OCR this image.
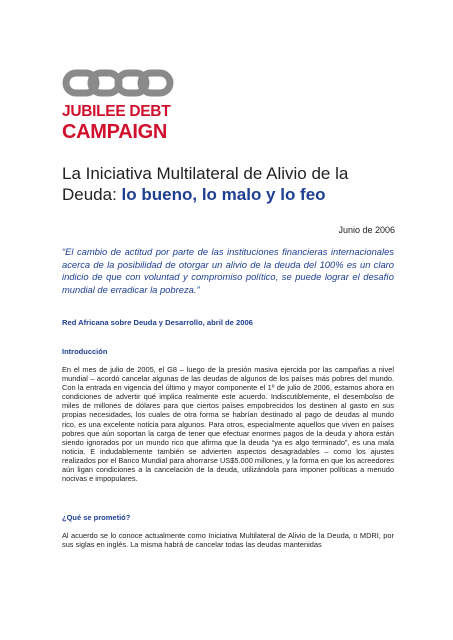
JUBILEE DEBT
CAMPAIGN
La Iniciativa Multilateral de Alivio de la Deuda: lo bueno, lo malo y lo feo
Junio de 2006

“El cambio de actitud por parte de las instituciones financieras internacionales acerca de la posibilidad de otorgar un alivio de la deuda del 100% es un claro indicio de que con voluntad y compromiso político, se puede lograr el desafío mundial de erradicar la pobreza.”

Red Africana sobre Deuda y Desarrollo, abril de 2006
Introducción

En el mes de julio de 2005, el G8 – luego de la presión masiva ejercida por las campañas a nivel mundial – acordó cancelar algunas de las deudas de algunos de los países más pobres del mundo. Con la entrada en vigencia del último y mayor componente el 1º de julio de 2006, estamos ahora en condiciones de advertir qué implica realmente este acuerdo. Indiscutiblemente, el desembolso de miles de millones de dólares para que ciertos países empobrecidos los destinen al gasto en sus propias necesidades, los cuales de otra forma se habrían destinado al pago de deudas al mundo rico, es una excelente noticia para algunos. Para otros, especialmente aquellos que viven en países pobres que aún soportan la carga de tener que efectuar enormes pagos de la deuda y ahora están siendo ignorados por un mundo rico que afirma que la deuda “ya es algo terminado”, es una mala noticia. E indudablemente también se advierten aspectos desagradables – como los ajustes realizados por el Banco Mundial para ahorrarse US$5.000 millones, y la forma en que los acreedores aún ligan condiciones a la cancelación de la deuda, utilizándola para imponer políticas a menudo nocivas e impopulares.

¿Qué se prometió?

Al acuerdo se lo conoce actualmente como Iniciativa Multilateral de Alivio de la Deuda, o MDRI, por sus siglas en inglés. La misma habrá de cancelar todas las deudas mantenidas
